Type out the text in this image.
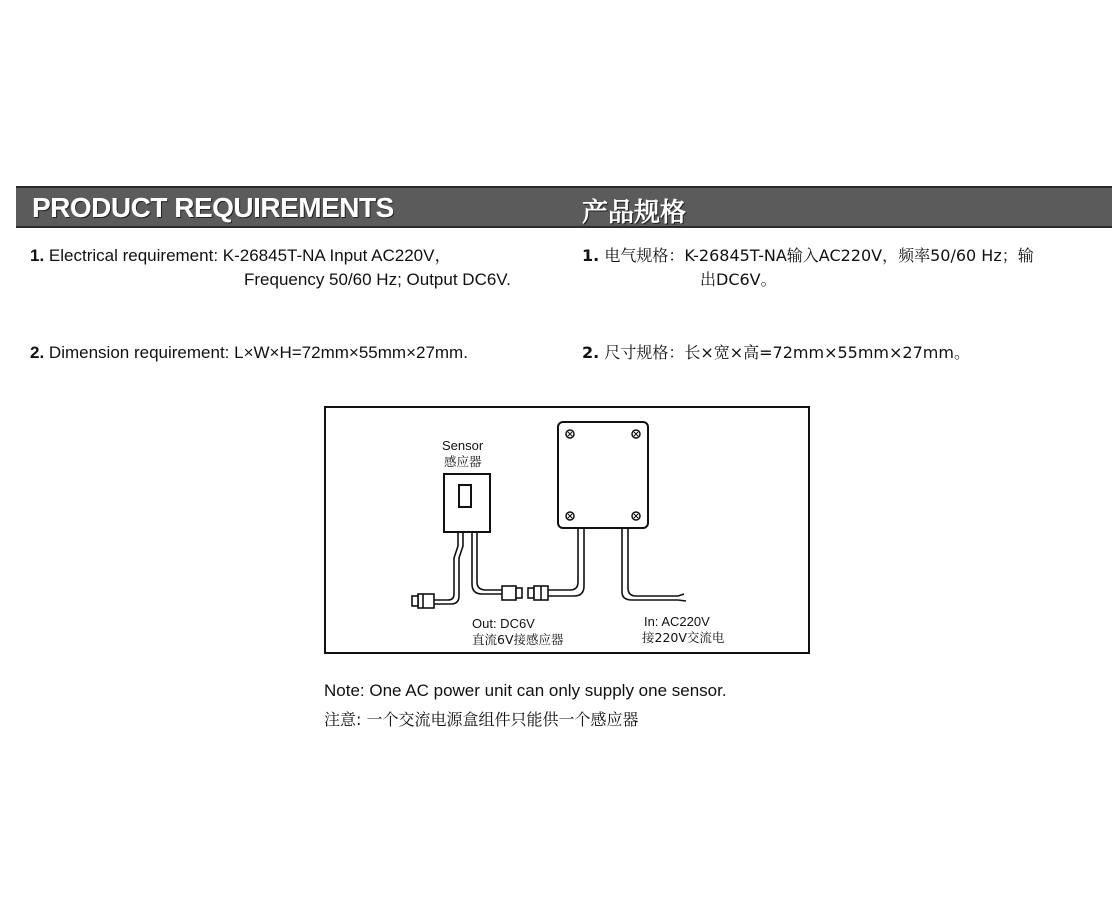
PRODUCT REQUIREMENTS	产品规格
1. Electrical requirement: K-26845T-NA Input AC220V，
Frequency 50/60 Hz; Output DC6V.
2. Dimension requirement: L×W×H=72mm×55mm×27mm.
1. 电气规格：K-26845T-NA输入AC220V，频率50/60 Hz；输
出DC6V。
2. 尺寸规格：长×宽×高=72mm×55mm×27mm。
Sensor
感应器
Out: DC6V
直流6V接感应器
In: AC220V
接220V交流电
Note: One AC power unit can only supply one sensor.
注意: 一个交流电源盒组件只能供一个感应器
